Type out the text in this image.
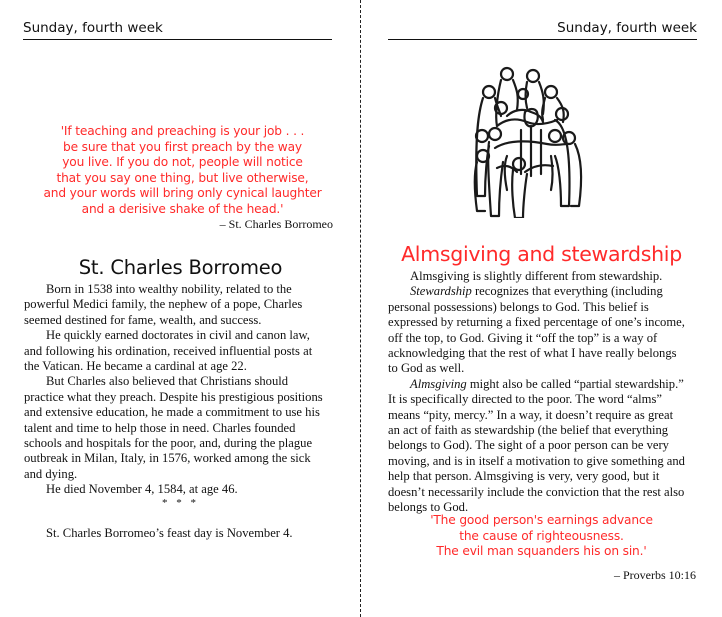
Sunday, fourth week
'If teaching and preaching is your job . . .
be sure that you first preach by the way
you live. If you do not, people will notice
that you say one thing, but live otherwise,
and your words will bring only cynical laughter
and a derisive shake of the head.'
– St. Charles Borromeo
St. Charles Borromeo

Born in 1538 into wealthy nobility, related to the powerful Medici family, the nephew of a pope, Charles seemed destined for fame, wealth, and success.

He quickly earned doctorates in civil and canon law, and following his ordination, received influential posts at the Vatican. He became a cardinal at age 22.

But Charles also believed that Christians should practice what they preach. Despite his prestigious positions and extensive education, he made a commitment to use his talent and time to help those in need. Charles founded schools and hospitals for the poor, and, during the plague outbreak in Milan, Italy, in 1576, worked among the sick and dying.

He died November 4, 1584, at age 46.

* * *
St. Charles Borromeo’s feast day is November 4.
Sunday, fourth week
Almsgiving and stewardship

Almsgiving is slightly different from stewardship.

Stewardship recognizes that everything (including personal possessions) belongs to God. This belief is expressed by returning a fixed percentage of one’s income, off the top, to God. Giving it “off the top” is a way of acknowledging that the rest of what I have really belongs to God as well.

Almsgiving might also be called “partial stewardship.” It is specifically directed to the poor. The word “alms” means “pity, mercy.” In a way, it doesn’t require as great an act of faith as stewardship (the belief that everything belongs to God). The sight of a poor person can be very moving, and is in itself a motivation to give something and help that person. Almsgiving is very, very good, but it doesn’t necessarily include the conviction that the rest also belongs to God.

'The good person's earnings advance
the cause of righteousness.
The evil man squanders his on sin.'
– Proverbs 10:16
